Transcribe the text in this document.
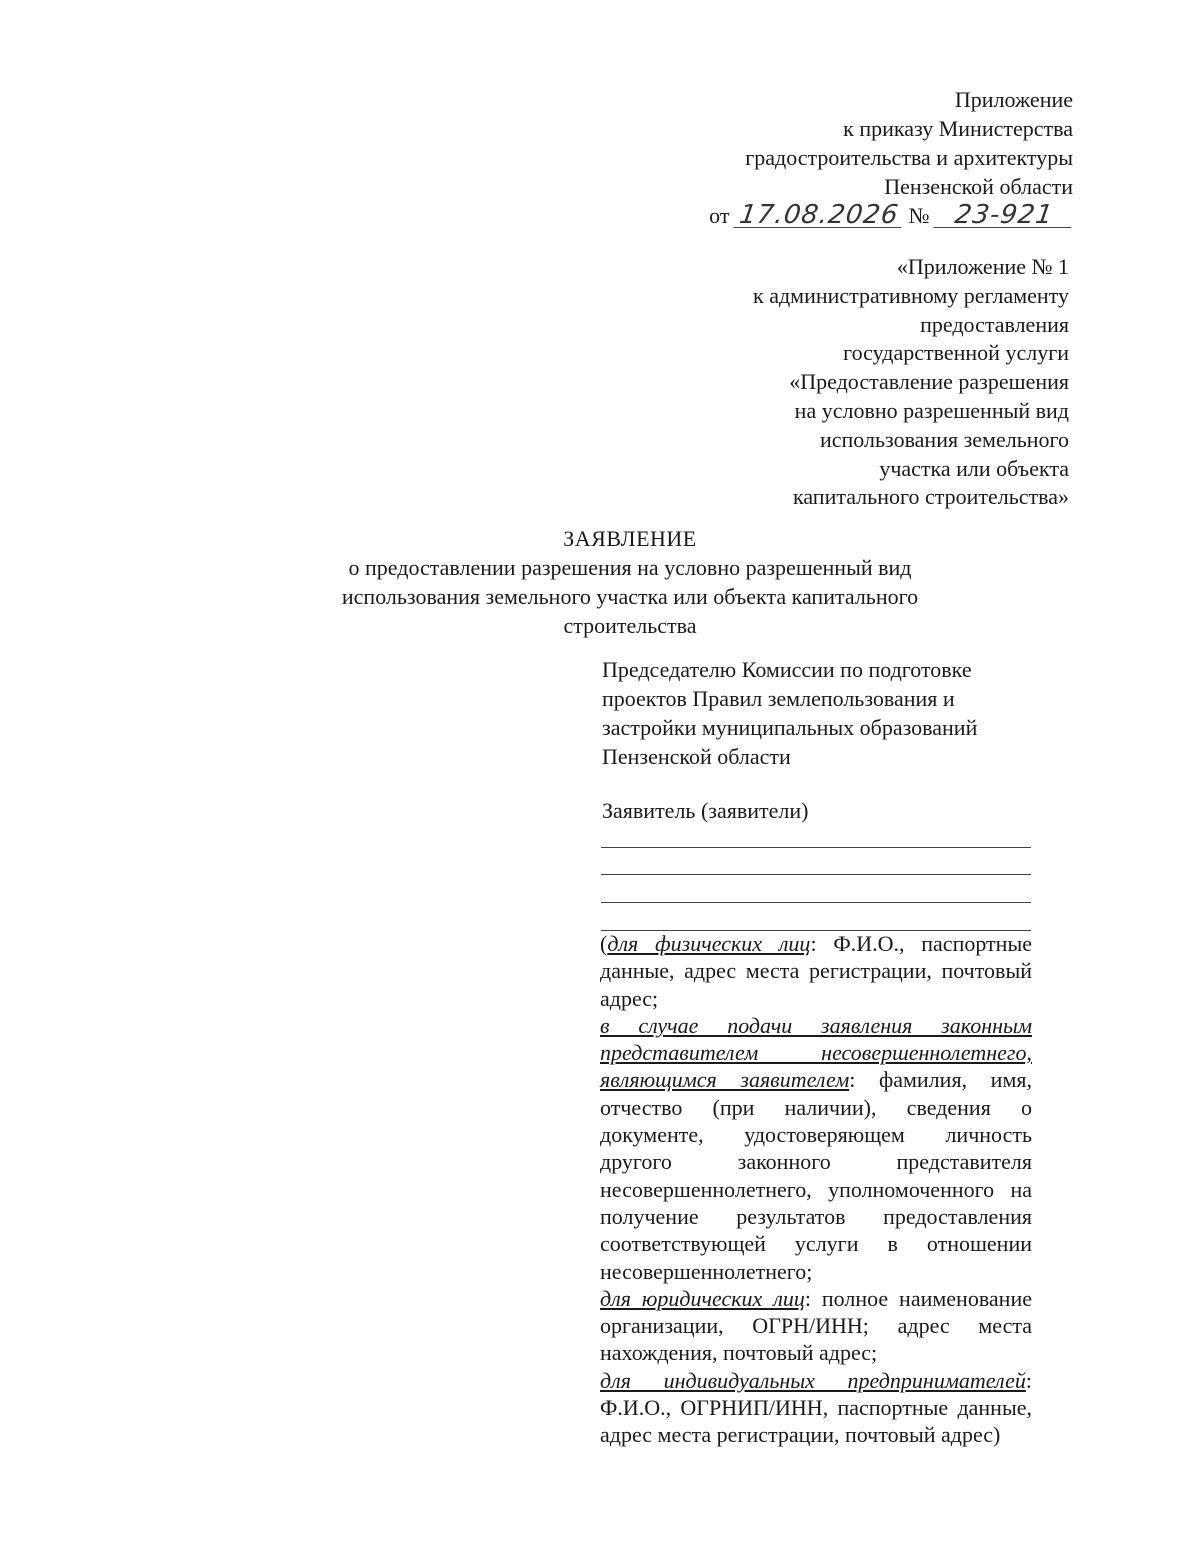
Приложение
к приказу Министерства
градостроительства и архитектуры
Пензенской области
от 17.08.2026 № 23-921
«Приложение № 1
к административному регламенту
предоставления
государственной услуги
«Предоставление разрешения
на условно разрешенный вид
использования земельного
участка или объекта
капитального строительства»
ЗАЯВЛЕНИЕ
о предоставлении разрешения на условно разрешенный вид
использования земельного участка или объекта капитального
строительства
Председателю Комиссии по подготовке
проектов Правил землепользования и
застройки муниципальных образований
Пензенской области
Заявитель (заявители)

(для физических лиц: Ф.И.О., паспортные данные, адрес места регистрации, почтовый адрес;

в случае подачи заявления законным представителем несовершеннолетнего, являющимся заявителем: фамилия, имя, отчество (при наличии), сведения о документе, удостоверяющем личность другого законного представителя несовершеннолетнего, уполномоченного на получение результатов предоставления соответствующей услуги в отношении несовершеннолетнего;

для юридических лиц: полное наименование организации, ОГРН/ИНН; адрес места нахождения, почтовый адрес;

для индивидуальных предпринимателей: Ф.И.О., ОГРНИП/ИНН, паспортные данные, адрес места регистрации, почтовый адрес)
